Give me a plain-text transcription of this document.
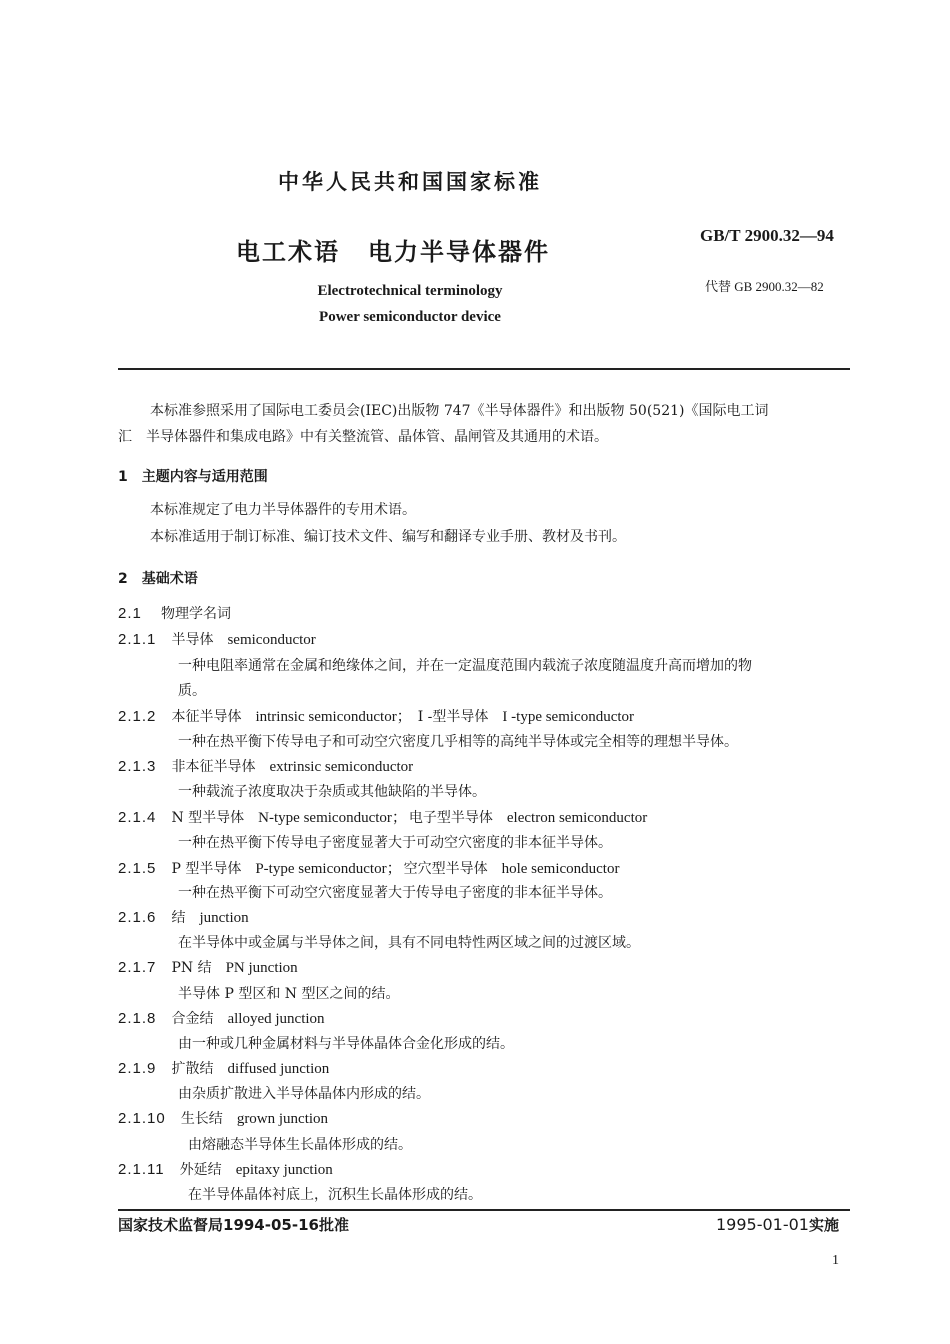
中华人民共和国国家标准
电工术语 电力半导体器件
GB/T 2900.32—94
代替 GB 2900.32—82
Electrotechnical terminology
Power semiconductor device
本标准参照采用了国际电工委员会(IEC)出版物 747《半导体器件》和出版物 50(521)《国际电工词
汇　半导体器件和集成电路》中有关整流管、晶体管、晶闸管及其通用的术语。
1　主题内容与适用范围
本标准规定了电力半导体器件的专用术语。
本标准适用于制订标准、编订技术文件、编写和翻译专业手册、教材及书刊。
2　基础术语
2.1 物理学名词
2.1.1 半导体 semiconductor
一种电阻率通常在金属和绝缘体之间，并在一定温度范围内载流子浓度随温度升高而增加的物
质。
2.1.2 本征半导体 intrinsic semiconductor； I -型半导体 I -type semiconductor
一种在热平衡下传导电子和可动空穴密度几乎相等的高纯半导体或完全相等的理想半导体。
2.1.3 非本征半导体 extrinsic semiconductor
一种载流子浓度取决于杂质或其他缺陷的半导体。
2.1.4 N 型半导体 N-type semiconductor； 电子型半导体 electron semiconductor
一种在热平衡下传导电子密度显著大于可动空穴密度的非本征半导体。
2.1.5 P 型半导体 P-type semiconductor； 空穴型半导体 hole semiconductor
一种在热平衡下可动空穴密度显著大于传导电子密度的非本征半导体。
2.1.6 结 junction
在半导体中或金属与半导体之间，具有不同电特性两区域之间的过渡区域。
2.1.7 PN 结 PN junction
半导体 P 型区和 N 型区之间的结。
2.1.8 合金结 alloyed junction
由一种或几种金属材料与半导体晶体合金化形成的结。
2.1.9 扩散结 diffused junction
由杂质扩散进入半导体晶体内形成的结。
2.1.10 生长结 grown junction
由熔融态半导体生长晶体形成的结。
2.1.11 外延结 epitaxy junction
在半导体晶体衬底上，沉积生长晶体形成的结。
国家技术监督局1994-05-16批准	1995-01-01实施
1
